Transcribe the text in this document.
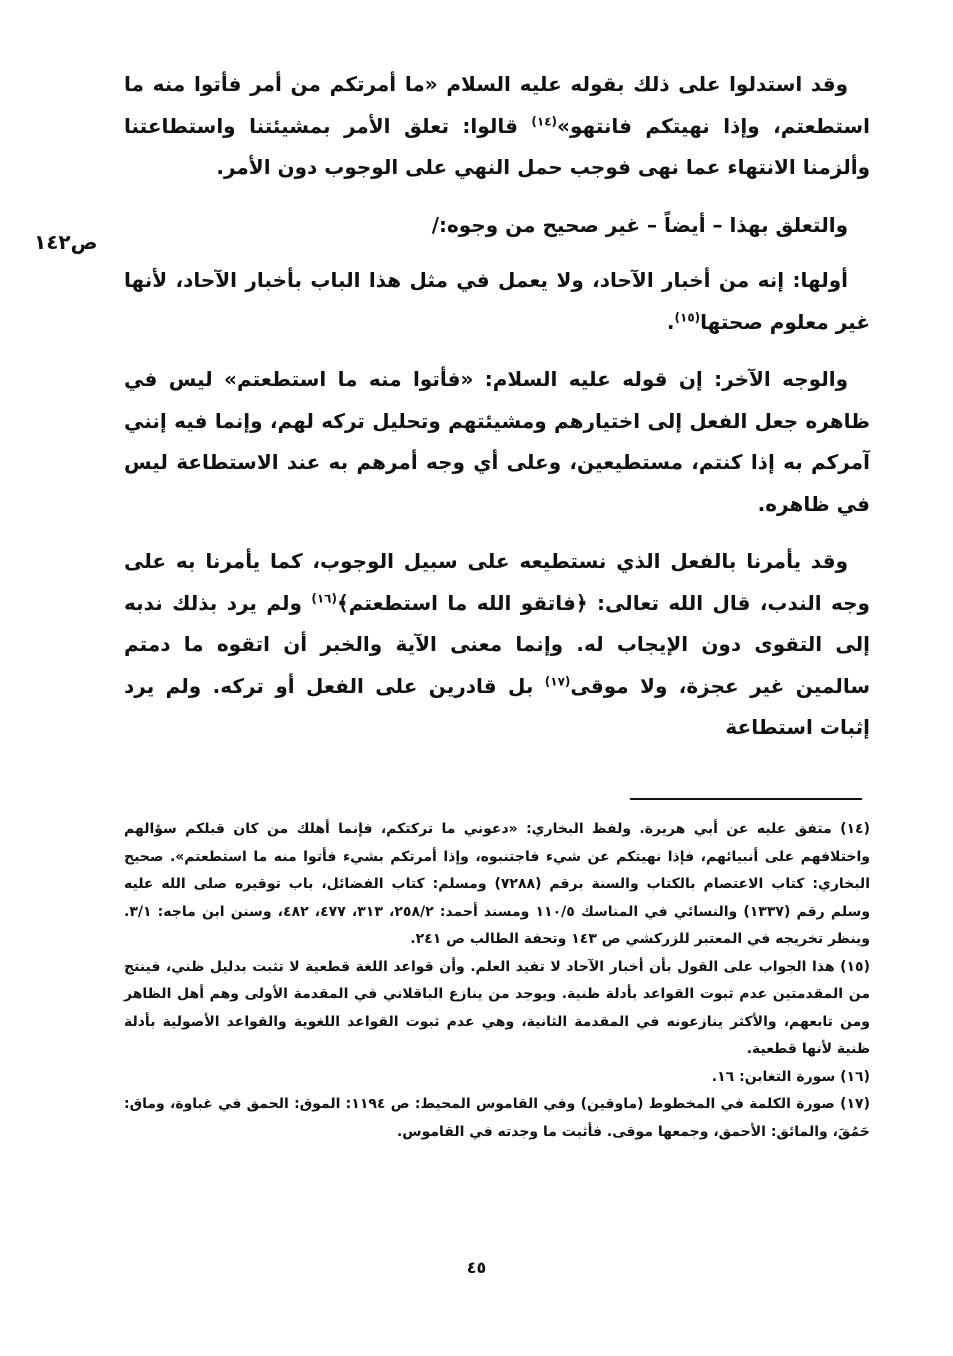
ص١٤٢

وقد استدلوا على ذلك بقوله عليه السلام «ما أمرتكم من أمر فأتوا منه ما استطعتم، وإذا نهيتكم فانتهو»$^{(١٤)}$ قالوا: تعلق الأمر بمشيئتنا واستطاعتنا وألزمنا الانتهاء عما نهى فوجب حمل النهي على الوجوب دون الأمر.

والتعلق بهذا – أيضاً – غير صحيح من وجوه:/

أولها: إنه من أخبار الآحاد، ولا يعمل في مثل هذا الباب بأخبار الآحاد، لأنها غير معلوم صحتها$^{(١٥)}$.

والوجه الآخر: إن قوله عليه السلام: «فأتوا منه ما استطعتم» ليس في ظاهره جعل الفعل إلى اختيارهم ومشيئتهم وتحليل تركه لهم، وإنما فيه إنني آمركم به إذا كنتم، مستطيعين، وعلى أي وجه أمرهم به عند الاستطاعة ليس في ظاهره.

وقد يأمرنا بالفعل الذي نستطيعه على سبيل الوجوب، كما يأمرنا به على وجه الندب، قال الله تعالى: ﴿فاتقو الله ما استطعتم﴾$^{(١٦)}$ ولم يرد بذلك ندبه إلى التقوى دون الإيجاب له. وإنما معنى الآية والخبر أن اتقوه ما دمتم سالمين غير عجزة، ولا موقى$^{(١٧)}$ بل قادرين على الفعل أو تركه. ولم يرد إثبات استطاعة

(١٤) متفق عليه عن أبي هريرة. ولفظ البخاري: «دعوني ما تركتكم، فإنما أهلك من كان قبلكم سؤالهم واختلافهم على أنبيائهم، فإذا نهيتكم عن شيء فاجتنبوه، وإذا أمرتكم بشيء فأتوا منه ما استطعتم». صحيح البخاري: كتاب الاعتصام بالكتاب والسنة برقم (٧٢٨٨) ومسلم: كتاب الفضائل، باب توقيره صلى الله عليه وسلم رقم (١٣٣٧) والنسائي في المناسك ١١٠/٥ ومسند أحمد: ٢٥٨/٢، ٣١٣، ٤٧٧، ٤٨٢، وسنن ابن ماجه: ٣/١. وينظر تخريجه في المعتبر للزركشي ص ١٤٣ وتحفة الطالب ص ٢٤١.

(١٥) هذا الجواب على القول بأن أخبار الآحاد لا تفيد العلم. وأن قواعد اللغة قطعية لا تثبت بدليل ظني، فينتج من المقدمتين عدم ثبوت القواعد بأدلة ظنية. ويوجد من ينازع الباقلاني في المقدمة الأولى وهم أهل الظاهر ومن تابعهم، والأكثر ينازعونه في المقدمة الثانية، وهي عدم ثبوت القواعد اللغوية والقواعد الأصولية بأدلة ظنية لأنها قطعية.

(١٦) سورة التغابن: ١٦.

(١٧) صورة الكلمة في المخطوط (ماوقين) وفي القاموس المحيط: ص ١١٩٤: الموق: الحمق في غباوة، وماق: حَمُقَ، والمائق: الأحمق، وجمعها موقى. فأثبت ما وجدته في القاموس.

٤٥
